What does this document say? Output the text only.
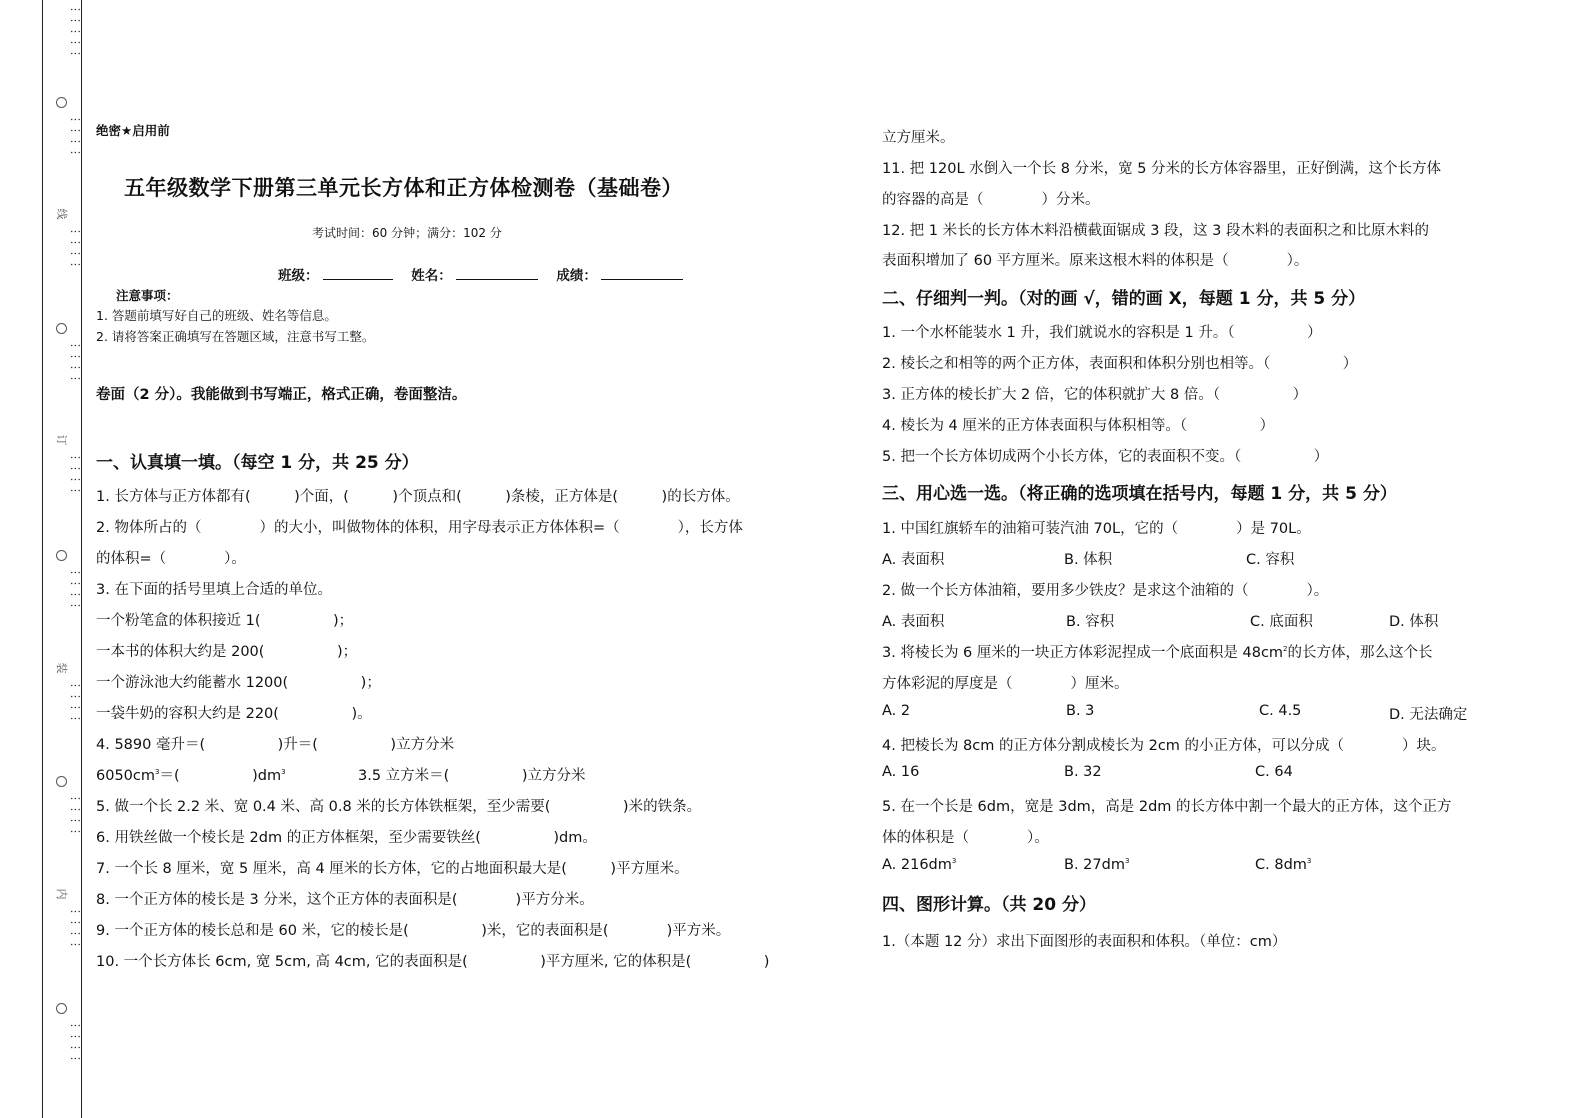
⋮⋮⋮⋮⋮
⋮⋮⋮⋮
线
⋮⋮⋮⋮
⋮⋮⋮⋮
订
⋮⋮⋮⋮
⋮⋮⋮⋮
装
⋮⋮⋮⋮
⋮⋮⋮⋮
内
⋮⋮⋮⋮
⋮⋮⋮⋮
绝密★启用前
五年级数学下册第三单元长方体和正方体检测卷（基础卷）
考试时间：60 分钟；满分：102 分
班级：	姓名：	成绩：
注意事项：
1. 答题前填写好自己的班级、姓名等信息。
2. 请将答案正确填写在答题区域，注意书写工整。
卷面（2 分）。我能做到书写端正，格式正确，卷面整洁。
一、认真填一填。（每空 1 分，共 25 分）
1. 长方体与正方体都有(　　　)个面，(　　　)个顶点和(　　　)条棱，正方体是(　　　)的长方体。
2. 物体所占的（　　　　）的大小，叫做物体的体积，用字母表示正方体体积=（　　　　），长方体
的体积=（　　　　）。
3. 在下面的括号里填上合适的单位。
一个粉笔盒的体积接近 1(　　　　　)；
一本书的体积大约是 200(　　　　　)；
一个游泳池大约能蓄水 1200(　　　　　)；
一袋牛奶的容积大约是 220(　　　　　)。
4. 5890 毫升＝(　　　　　)升＝(　　　　　)立方分米
$6050cm^3=$(　　　　　)$dm^3$	3.5 立方米＝(　　　　　)立方分米
5. 做一个长 2.2 米、宽 0.4 米、高 0.8 米的长方体铁框架，至少需要(　　　　　)米的铁条。
6. 用铁丝做一个棱长是 2dm 的正方体框架，至少需要铁丝(　　　　　)dm。
7. 一个长 8 厘米，宽 5 厘米，高 4 厘米的长方体，它的占地面积最大是(　　　)平方厘米。
8. 一个正方体的棱长是 3 分米，这个正方体的表面积是(　　　　)平方分米。
9. 一个正方体的棱长总和是 60 米，它的棱长是(　　　　　)米，它的表面积是(　　　　)平方米。
10. 一个长方体长 6cm, 宽 5cm, 高 4cm, 它的表面积是(　　　　　)平方厘米, 它的体积是(　　　　　)
立方厘米。
11. 把 120L 水倒入一个长 8 分米，宽 5 分米的长方体容器里，正好倒满，这个长方体
的容器的高是（　　　　）分米。
12. 把 1 米长的长方体木料沿横截面锯成 3 段，这 3 段木料的表面积之和比原木料的
表面积增加了 60 平方厘米。原来这根木料的体积是（　　　　）。
二、仔细判一判。（对的画 √，错的画 X，每题 1 分，共 5 分）
1. 一个水杯能装水 1 升，我们就说水的容积是 1 升。（　　　　　）
2. 棱长之和相等的两个正方体，表面积和体积分别也相等。（　　　　　）
3. 正方体的棱长扩大 2 倍，它的体积就扩大 8 倍。（　　　　　）
4. 棱长为 4 厘米的正方体表面积与体积相等。（　　　　　）
5. 把一个长方体切成两个小长方体，它的表面积不变。（　　　　　）
三、用心选一选。（将正确的选项填在括号内，每题 1 分，共 5 分）
1. 中国红旗轿车的油箱可装汽油 70L，它的（　　　　）是 70L。
A. 表面积	B. 体积	C. 容积
2. 做一个长方体油箱，要用多少铁皮？是求这个油箱的（　　　　）。
A. 表面积	B. 容积	C. 底面积	D. 体积
3. 将棱长为 6 厘米的一块正方体彩泥捏成一个底面积是 $48cm^2$的长方体，那么这个长
方体彩泥的厚度是（　　　　）厘米。
A. 2	B. 3	C. 4.5	D. 无法确定
4. 把棱长为 8cm 的正方体分割成棱长为 2cm 的小正方体，可以分成（　　　　）块。
A. 16	B. 32	C. 64
5. 在一个长是 6dm，宽是 3dm，高是 2dm 的长方体中割一个最大的正方体，这个正方
体的体积是（　　　　）。
A. $216dm^3$	B. $27dm^3$	C. $8dm^3$
四、图形计算。（共 20 分）
1.（本题 12 分）求出下面图形的表面积和体积。（单位：cm）
